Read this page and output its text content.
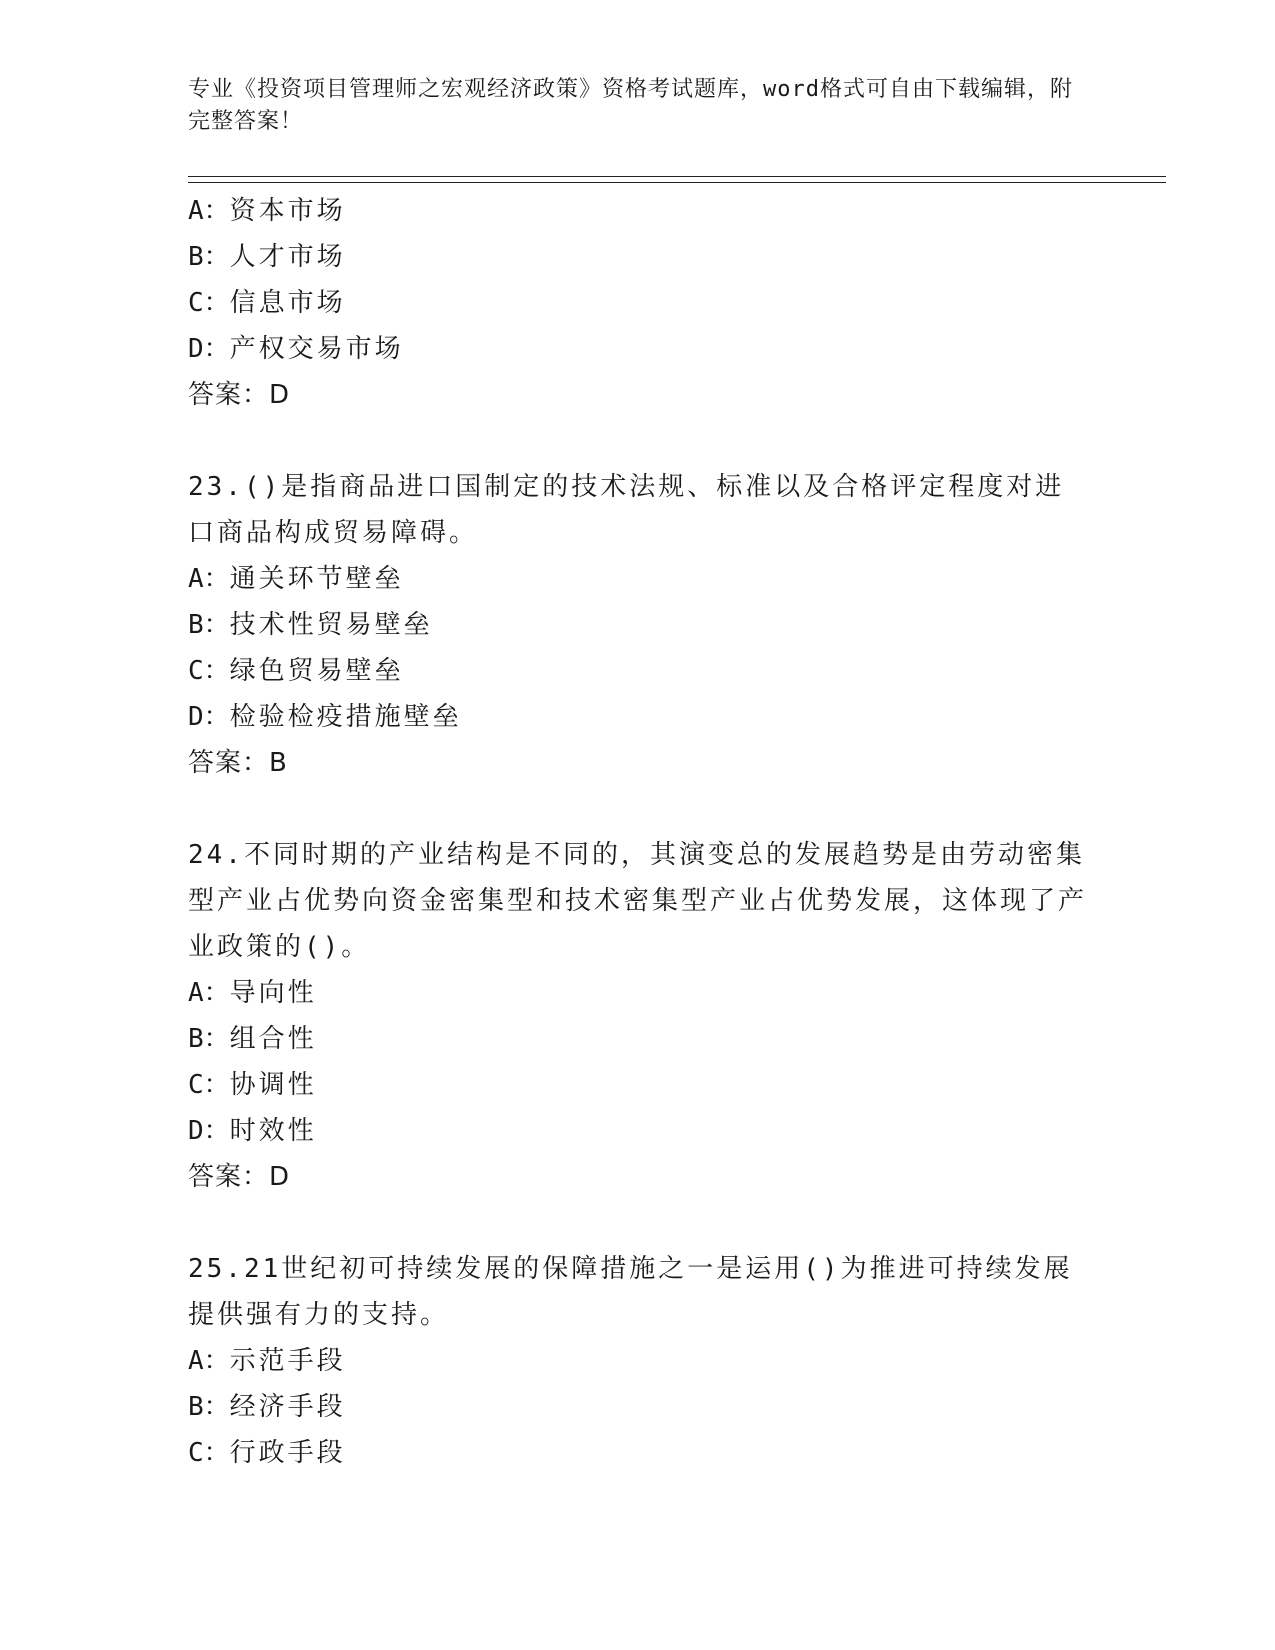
专业《投资项目管理师之宏观经济政策》资格考试题库，word格式可自由下载编辑，附完整答案！
A：资本市场
B：人才市场
C：信息市场
D：产权交易市场
答案：D
23.()是指商品进口国制定的技术法规、标准以及合格评定程度对进口商品构成贸易障碍。
A：通关环节壁垒
B：技术性贸易壁垒
C：绿色贸易壁垒
D：检验检疫措施壁垒
答案：B
24.不同时期的产业结构是不同的，其演变总的发展趋势是由劳动密集型产业占优势向资金密集型和技术密集型产业占优势发展，这体现了产业政策的()。
A：导向性
B：组合性
C：协调性
D：时效性
答案：D
25.21世纪初可持续发展的保障措施之一是运用()为推进可持续发展提供强有力的支持。
A：示范手段
B：经济手段
C：行政手段
